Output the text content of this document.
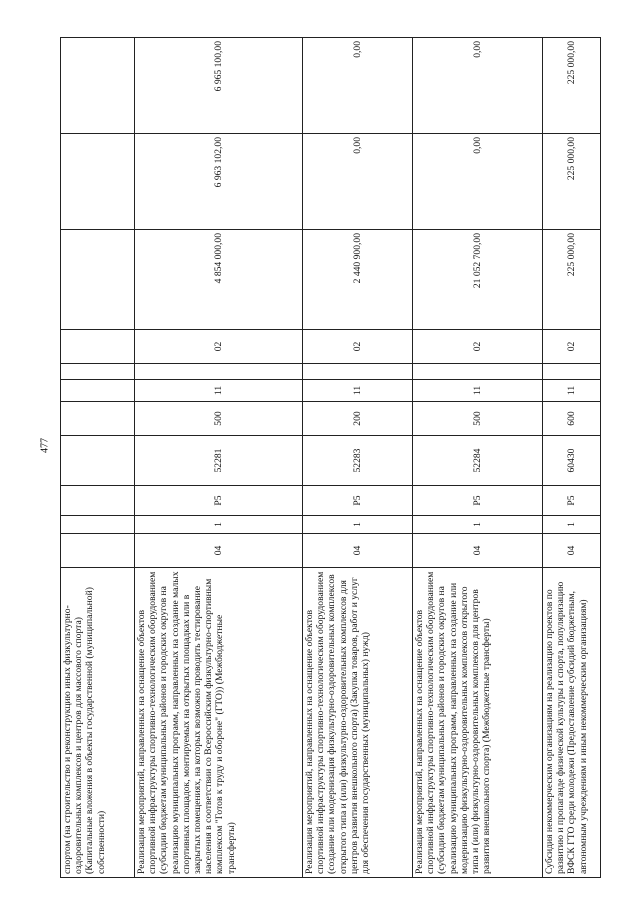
477
спортом (на строительство и реконструкцию иных физкультурно-оздоровительных комплексов и центров для массового спорта) (Капитальные вложения в объекты государственной (муниципальной) собственности)											
Реализация мероприятий, направленных на оснащение объектов спортивной инфраструктуры спортивно-технологическим оборудованием (субсидии бюджетам муниципальных районов и городских округов на реализацию муниципальных программ, направленных на создание малых спортивных площадок, монтируемых на открытых площадках или в закрытых помещениях, на которых возможно проводить тестирование населения в соответствии со Всероссийским физкультурно-спортивным комплексом "Готов к труду и обороне" (ГТО)) (Межбюджетные трансферты)	04	1	P5	52281	500	11		02	4 854 000,00	6 963 102,00	6 965 100,00
Реализация мероприятий, направленных на оснащение объектов спортивной инфраструктуры спортивно-технологическим оборудованием (создание или модернизация физкультурно-оздоровительных комплексов открытого типа и (или) физкультурно-оздоровительных комплексов для центров развития внешкольного спорта) (Закупка товаров, работ и услуг для обеспечения государственных (муниципальных) нужд)	04	1	P5	52283	200	11		02	2 440 900,00	0,00	0,00
Реализация мероприятий, направленных на оснащение объектов спортивной инфраструктуры спортивно-технологическим оборудованием (субсидии бюджетам муниципальных районов и городских округов на реализацию муниципальных программ, направленных на создание или модернизацию физкультурно-оздоровительных комплексов открытого типа и (или) физкультурно-оздоровительных комплексов для центров развития внешкольного спорта) (Межбюджетные трансферты)	04	1	P5	52284	500	11		02	21 052 700,00	0,00	0,00
Субсидия некоммерческим организациям на реализацию проектов по развитию и пропаганде физической культуры и спорта, популяризацию ВФСК ГТО среди молодежи (Предоставление субсидий бюджетным, автономным учреждениям и иным некоммерческим организациям)	04	1	P5	60430	600	11		02	225 000,00	225 000,00	225 000,00
